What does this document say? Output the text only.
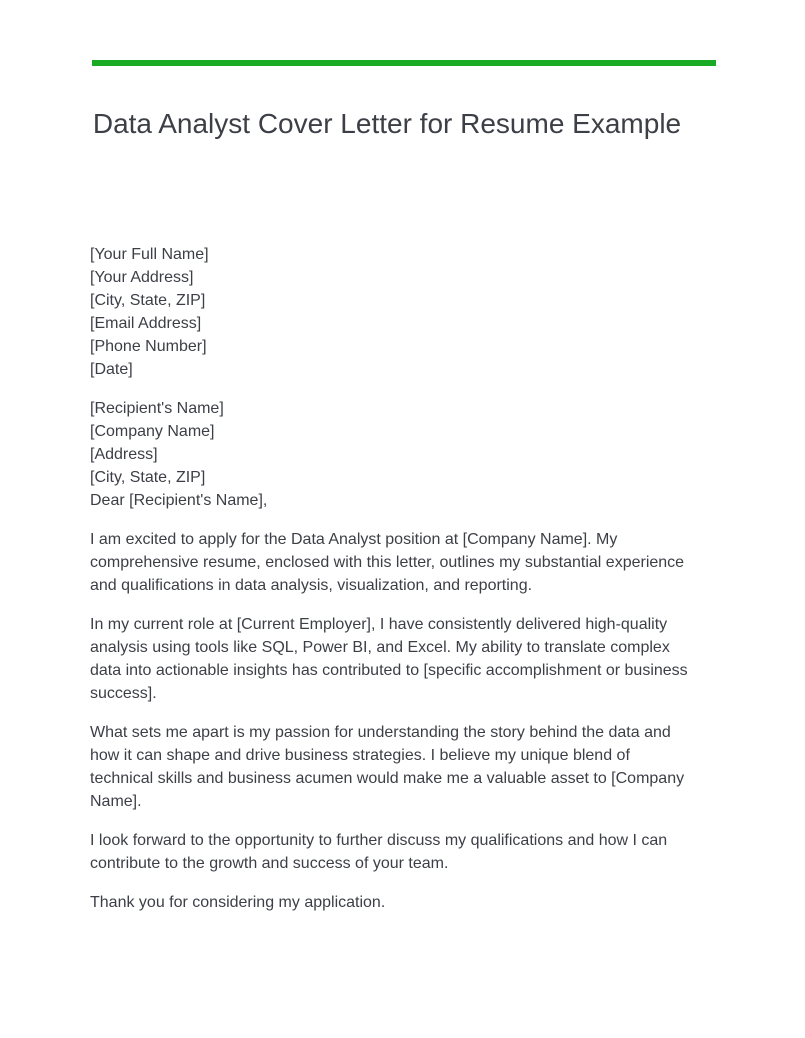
Data Analyst Cover Letter for Resume Example
[Your Full Name]
[Your Address]
[City, State, ZIP]
[Email Address]
[Phone Number]
[Date]
[Recipient's Name]
[Company Name]
[Address]
[City, State, ZIP]
Dear [Recipient's Name],

I am excited to apply for the Data Analyst position at [Company Name]. My comprehensive resume, enclosed with this letter, outlines my substantial experience and qualifications in data analysis, visualization, and reporting.

In my current role at [Current Employer], I have consistently delivered high-quality analysis using tools like SQL, Power BI, and Excel. My ability to translate complex data into actionable insights has contributed to [specific accomplishment or business success].

What sets me apart is my passion for understanding the story behind the data and how it can shape and drive business strategies. I believe my unique blend of technical skills and business acumen would make me a valuable asset to [Company Name].

I look forward to the opportunity to further discuss my qualifications and how I can contribute to the growth and success of your team.

Thank you for considering my application.
